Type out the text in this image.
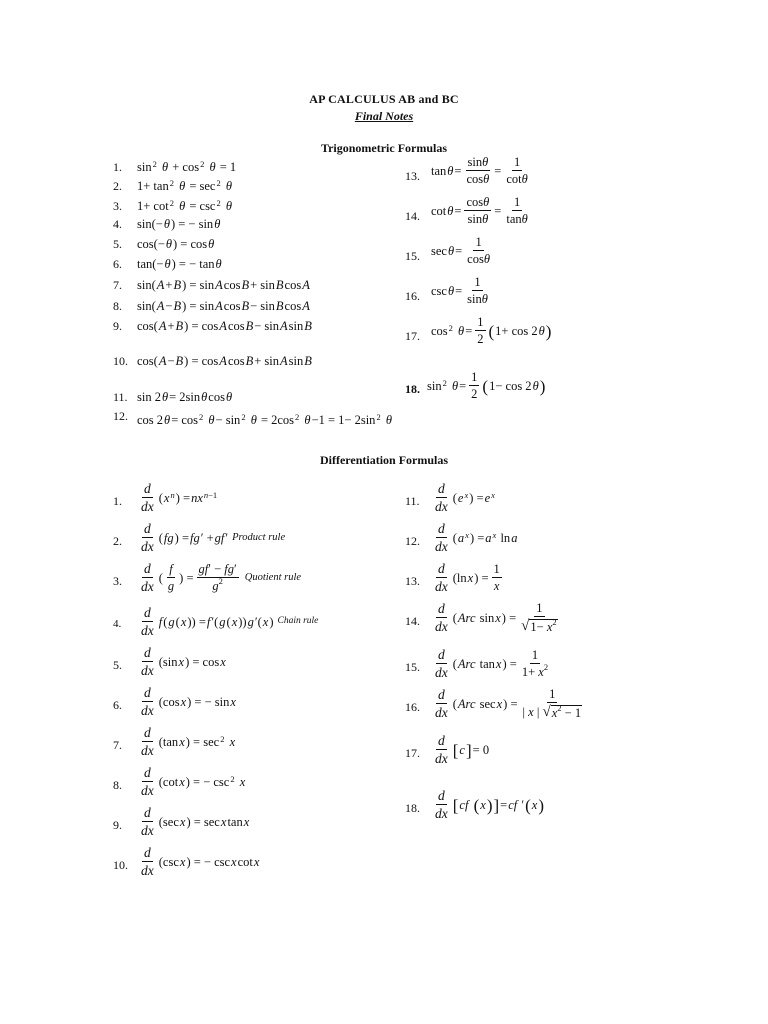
AP CALCULUS AB and BC
Final Notes
Trigonometric Formulas
1. $\sin^2$
$\theta + \cos^2$
θ = 1
2. $1+ \tan^2$
$\theta = \sec^2$
θ
3. $1+ \cot^2$
$\theta = \csc^2$
θ
4. sin(− θ ) = − sin θ
5. cos(− θ ) = cos θ
6. tan(− θ ) = − tan θ
7. sin( A + B ) = sin A cos B + sin B cos A
8. sin( A − B ) = sin A cos B − sin B cos A
9. cos( A + B ) = cos A cos B − sin A sin B
10. cos( A − B ) = cos A cos B + sin A sin B
11. sin 2 θ = 2sin θ cos θ
12. cos 2 $\theta = \cos^2$
$\theta - \sin^2$
$\theta = 2\cos^2$
$\theta -1 = 1- 2\sin^2$
θ
13. tan θ =
sinθ
cosθ
=
1
cotθ
14. cot θ =
cosθ
sinθ
=
1
tanθ
15. sec θ =
1
cosθ
16. csc θ =
1
sinθ
17. $\cos^2$
θ =
1
2 ( 1+ cos 2 θ )
18. $\sin^2$
θ =
1
2 ( 1− cos 2 θ )
Differentiation Formulas
1.
d
dx
( x $^n$ ) = nx $^{n-1}$
2.
d
dx
( fg ) = fg ′ + gf ′ Product rule
3.
d
dx
(
f
g
) =
gf′ − fg′
$g^2$ Quotient rule
4.
d
dx
f ( g ( x )) = f ′( g ( x )) g ′( x ) Chain rule
5.
d
dx
(sin x ) = cos x
6.
d
dx
(cos x ) = − sin x
7.
d
dx
(tan x ) = $\sec^2$
x
8.
d
dx
(cot x ) = − $\csc^2$
x
9.
d
dx
(sec x ) = sec x tan x
10.
d
dx
(csc x ) = − csc x cot x
11.
d
dx
( e $^x$ ) = e $^x$
12.
d
dx
( a $^x$ ) = a $^x$ ln a
13.
d
dx
(ln x ) =
1
x
14.
d
dx
( Arc sin x ) =
1
√ $1- x^2$
15.
d
dx
( Arc tan x ) =
1
$1+ x^2$
16.
d
dx
( Arc sec x ) =
1
| x | √ $x^2 - 1$
17.
d
dx [ c ] = 0
18.
d
dx [ cf
( x ) ] = cf ′ ( x )
